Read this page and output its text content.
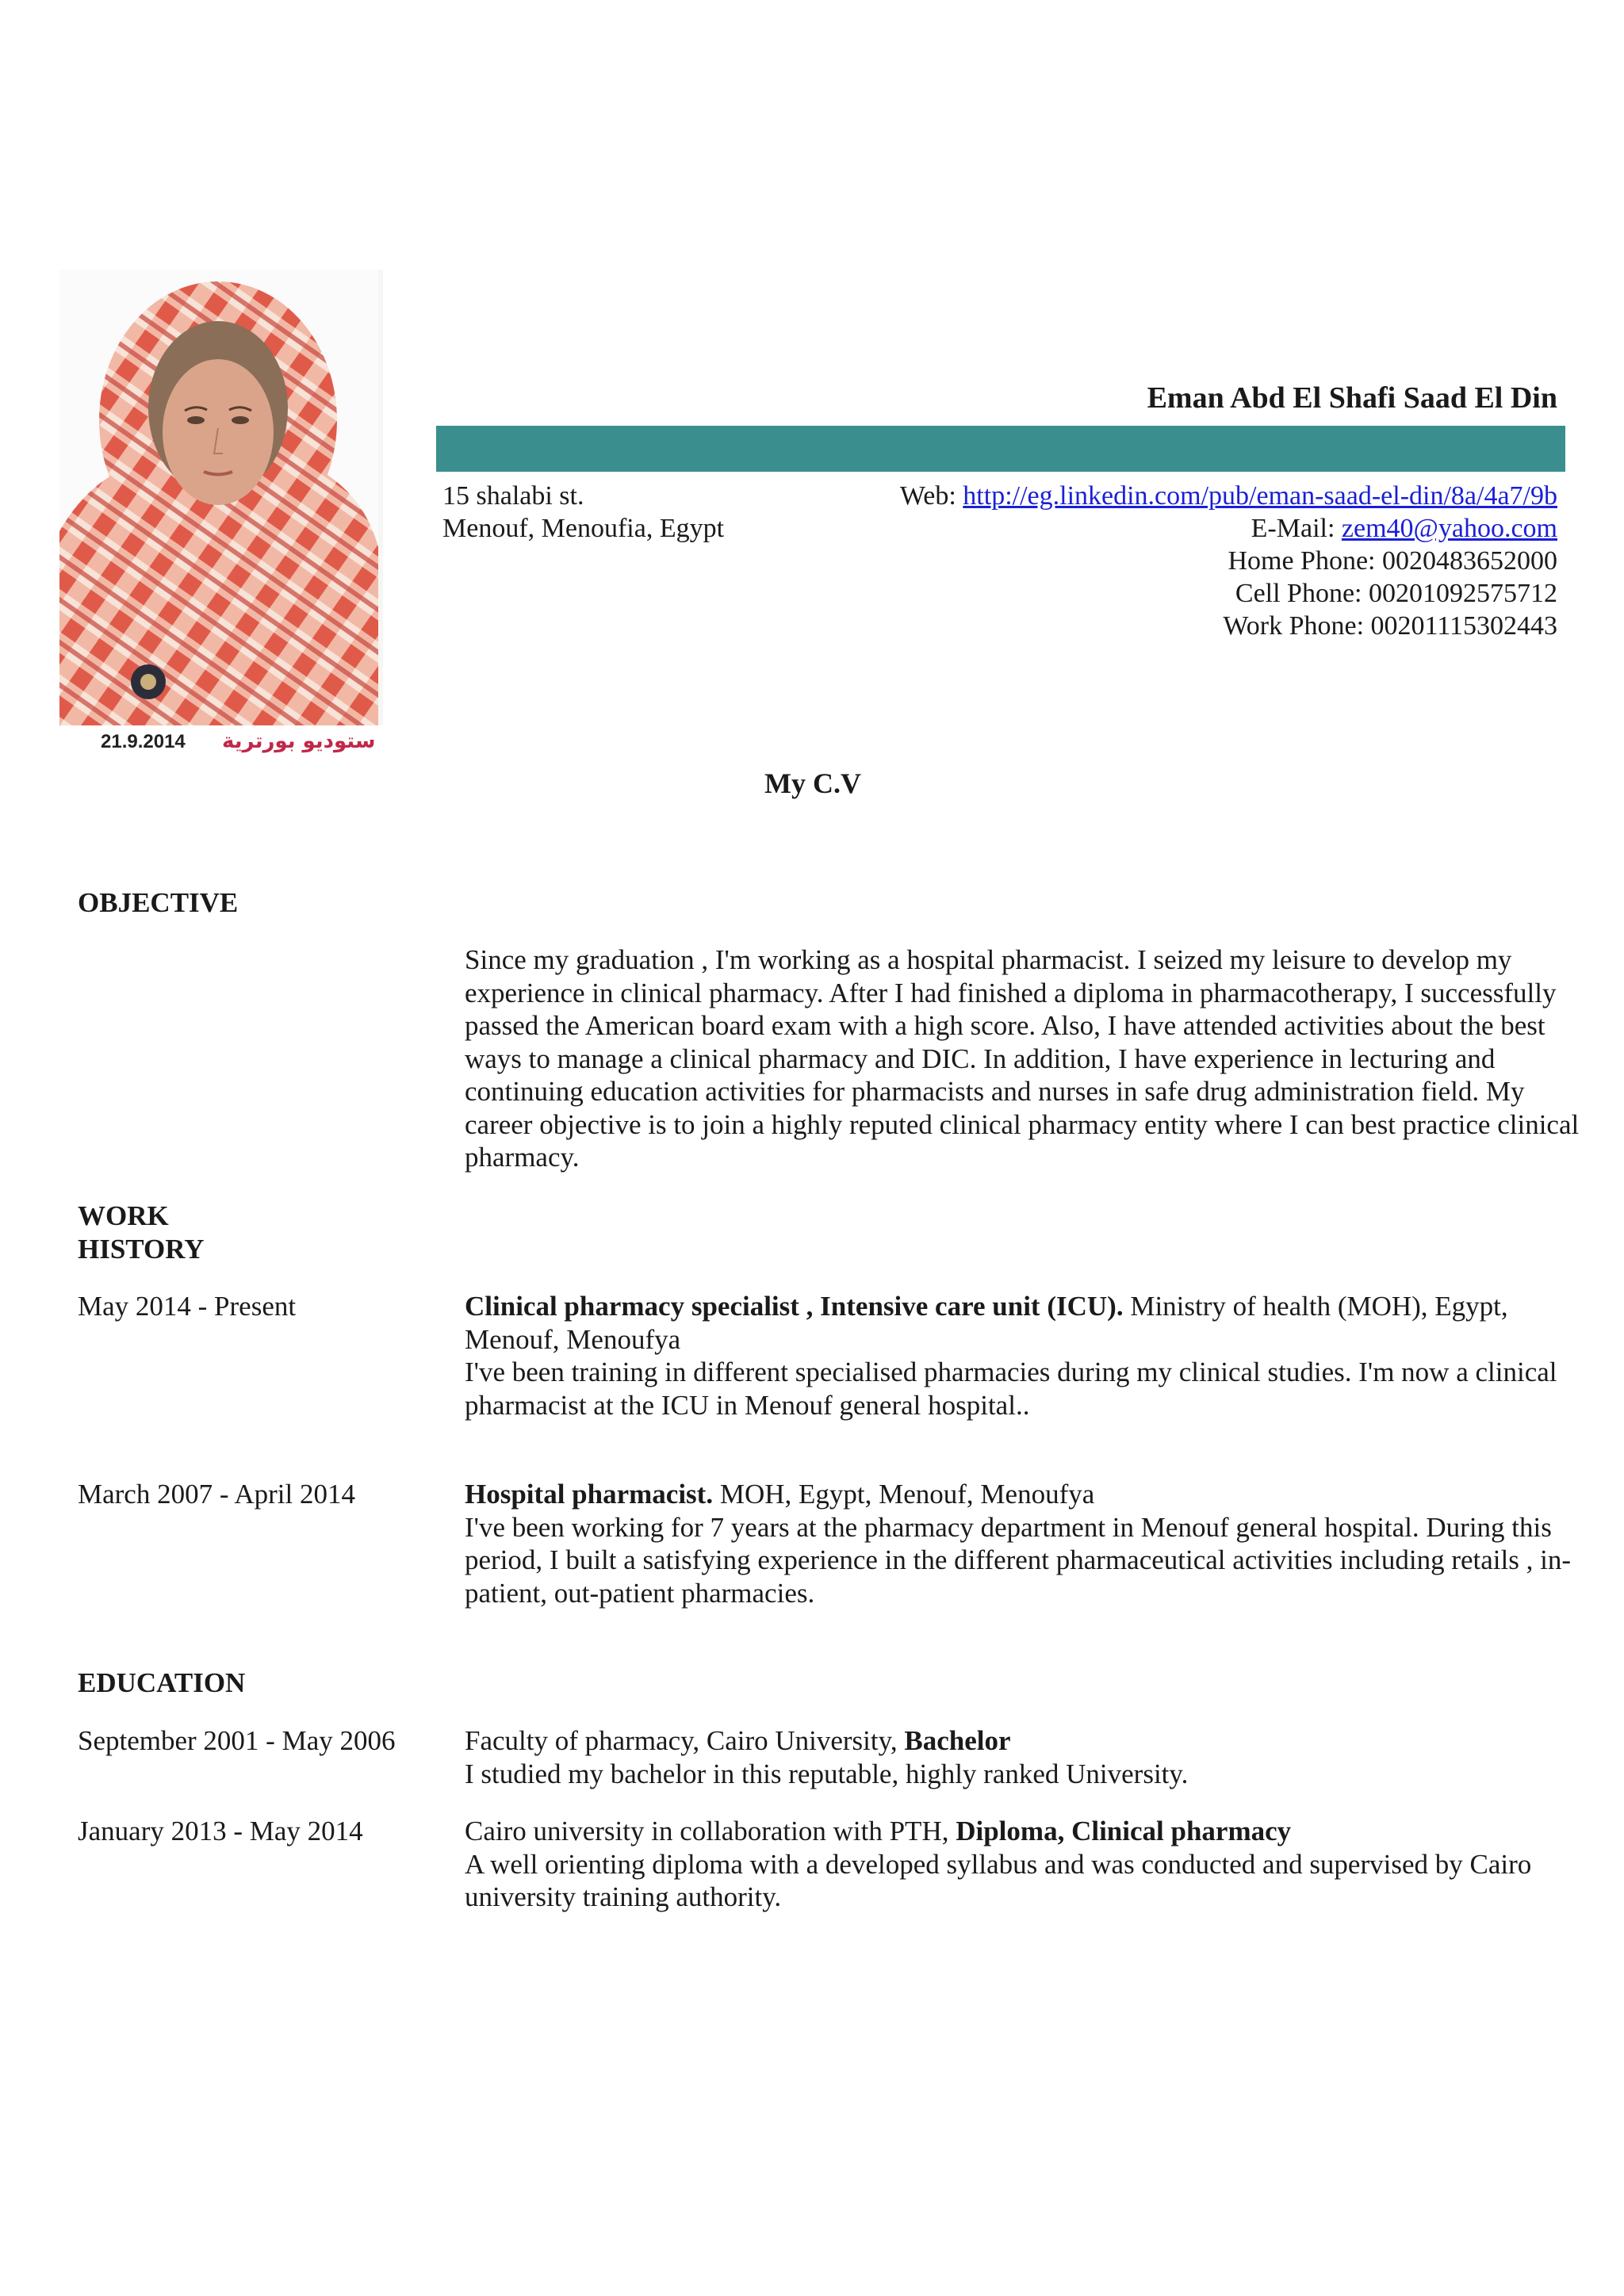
21.9.2014 ستوديو بورترية
Eman Abd El Shafi Saad El Din
15 shalabi st.
Menouf, Menoufia, Egypt
Web: http://eg.linkedin.com/pub/eman-saad-el-din/8a/4a7/9b
E-Mail: zem40@yahoo.com
Home Phone: 0020483652000
Cell Phone: 00201092575712
Work Phone: 00201115302443
My C.V
OBJECTIVE
Since my graduation , I'm working as a hospital pharmacist. I seized my leisure to develop my experience in clinical pharmacy. After I had finished a diploma in pharmacotherapy, I successfully passed the American board exam with a high score. Also, I have attended activities about the best ways to manage a clinical pharmacy and DIC. In addition, I have experience in lecturing and continuing education activities for pharmacists and nurses in safe drug administration field. My career objective is to join a highly reputed clinical pharmacy entity where I can best practice clinical pharmacy.
WORK
HISTORY
May 2014 - Present	Clinical pharmacy specialist , Intensive care unit (ICU). Ministry of health (MOH), Egypt, Menouf, Menoufya
I've been training in different specialised pharmacies during my clinical studies. I'm now a clinical pharmacist at the ICU in Menouf general hospital..
March 2007 - April 2014	Hospital pharmacist. MOH, Egypt, Menouf, Menoufya
I've been working for 7 years at the pharmacy department in Menouf general hospital. During this period, I built a satisfying experience in the different pharmaceutical activities including retails , in-patient, out-patient pharmacies.
EDUCATION
September 2001 - May 2006	Faculty of pharmacy, Cairo University, Bachelor
I studied my bachelor in this reputable, highly ranked University.
January 2013 - May 2014	Cairo university in collaboration with PTH, Diploma, Clinical pharmacy
A well orienting diploma with a developed syllabus and was conducted and supervised by Cairo university training authority.
